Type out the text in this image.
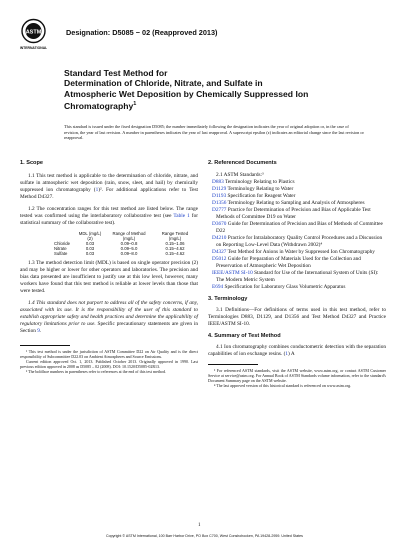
ASTM
INTERNATIONAL
Designation: D5085 − 02 (Reapproved 2013)
Standard Test Method for
Determination of Chloride, Nitrate, and Sulfate in
Atmospheric Wet Deposition by Chemically Suppressed Ion
Chromatography$^1$
This standard is issued under the fixed designation D5085; the number immediately following the designation indicates the year of original adoption or, in the case of revision, the year of last revision. A number in parentheses indicates the year of last reapproval. A superscript epsilon (ε) indicates an editorial change since the last revision or reapproval.

1. Scope

1.1 This test method is applicable to the determination of chloride, nitrate, and sulfate in atmospheric wet deposition (rain, snow, sleet, and hail) by chemically suppressed ion chromatography (1)². For additional applications refer to Test Method D4327.

1.2 The concentration ranges for this test method are listed below. The range tested was confirmed using the interlaboratory collaborative test (see Table 1 for statistical summary of the collaborative test).

	MDL (mg/L) (2)	Range of Method (mg/L)	Range Tested (mg/L)
Chloride	0.03	0.09–0.8	0.15–1.06
Nitrate	0.03	0.09–5.0	0.15–4.62
Sulfate	0.03	0.09–8.0	0.15–4.62

1.3 The method detection limit (MDL) is based on single operator precision (2) and may be higher or lower for other operators and laboratories. The precision and bias data presented are insufficient to justify use at this low level, however, many workers have found that this test method is reliable at lower levels than those that were tested.

1.4 This standard does not purport to address all of the safety concerns, if any, associated with its use. It is the responsibility of the user of this standard to establish appropriate safety and health practices and determine the applicability of regulatory limitations prior to use. Specific precautionary statements are given in Section 9.

¹ This test method is under the jurisdiction of ASTM Committee D22 on Air Quality and is the direct responsibility of Subcommittee D22.03 on Ambient Atmospheres and Source Emissions.

Current edition approved Oct. 1, 2013. Published October 2013. Originally approved in 1990. Last previous edition approved in 2008 as D5085 – 02 (2008). DOI: 10.1520/D5085-02R13.

² The boldface numbers in parentheses refer to references at the end of this test method.

2. Referenced Documents

2.1 ASTM Standards:³

D883 Terminology Relating to Plastics

D1129 Terminology Relating to Water

D1193 Specification for Reagent Water

D1356 Terminology Relating to Sampling and Analysis of Atmospheres

D2777 Practice for Determination of Precision and Bias of Applicable Test Methods of Committee D19 on Water

D3670 Guide for Determination of Precision and Bias of Methods of Committee D22

D4210 Practice for Intralaboratory Quality Control Procedures and a Discussion on Reporting Low-Level Data (Withdrawn 2002)⁴

D4327 Test Method for Anions in Water by Suppressed Ion Chromatography

D5012 Guide for Preparation of Materials Used for the Collection and Preservation of Atmospheric Wet Deposition

IEEE/ASTM SI-10 Standard for Use of the International System of Units (SI): The Modern Metric System

E694 Specification for Laboratory Glass Volumetric Apparatus

3. Terminology

3.1 Definitions—For definitions of terms used in this test method, refer to Terminologies D883, D1129, and D1356 and Test Method D4327 and Practice IEEE/ASTM SI-10.

4. Summary of Test Method

4.1 Ion chromatography combines conductometric detection with the separation capabilities of ion exchange resins. (1) A

³ For referenced ASTM standards, visit the ASTM website, www.astm.org, or contact ASTM Customer Service at service@astm.org. For Annual Book of ASTM Standards volume information, refer to the standard's Document Summary page on the ASTM website.

⁴ The last approved version of this historical standard is referenced on www.astm.org.

1
Copyright © ASTM International, 100 Barr Harbor Drive, PO Box C700, West Conshohocken, PA 19428-2959. United States
